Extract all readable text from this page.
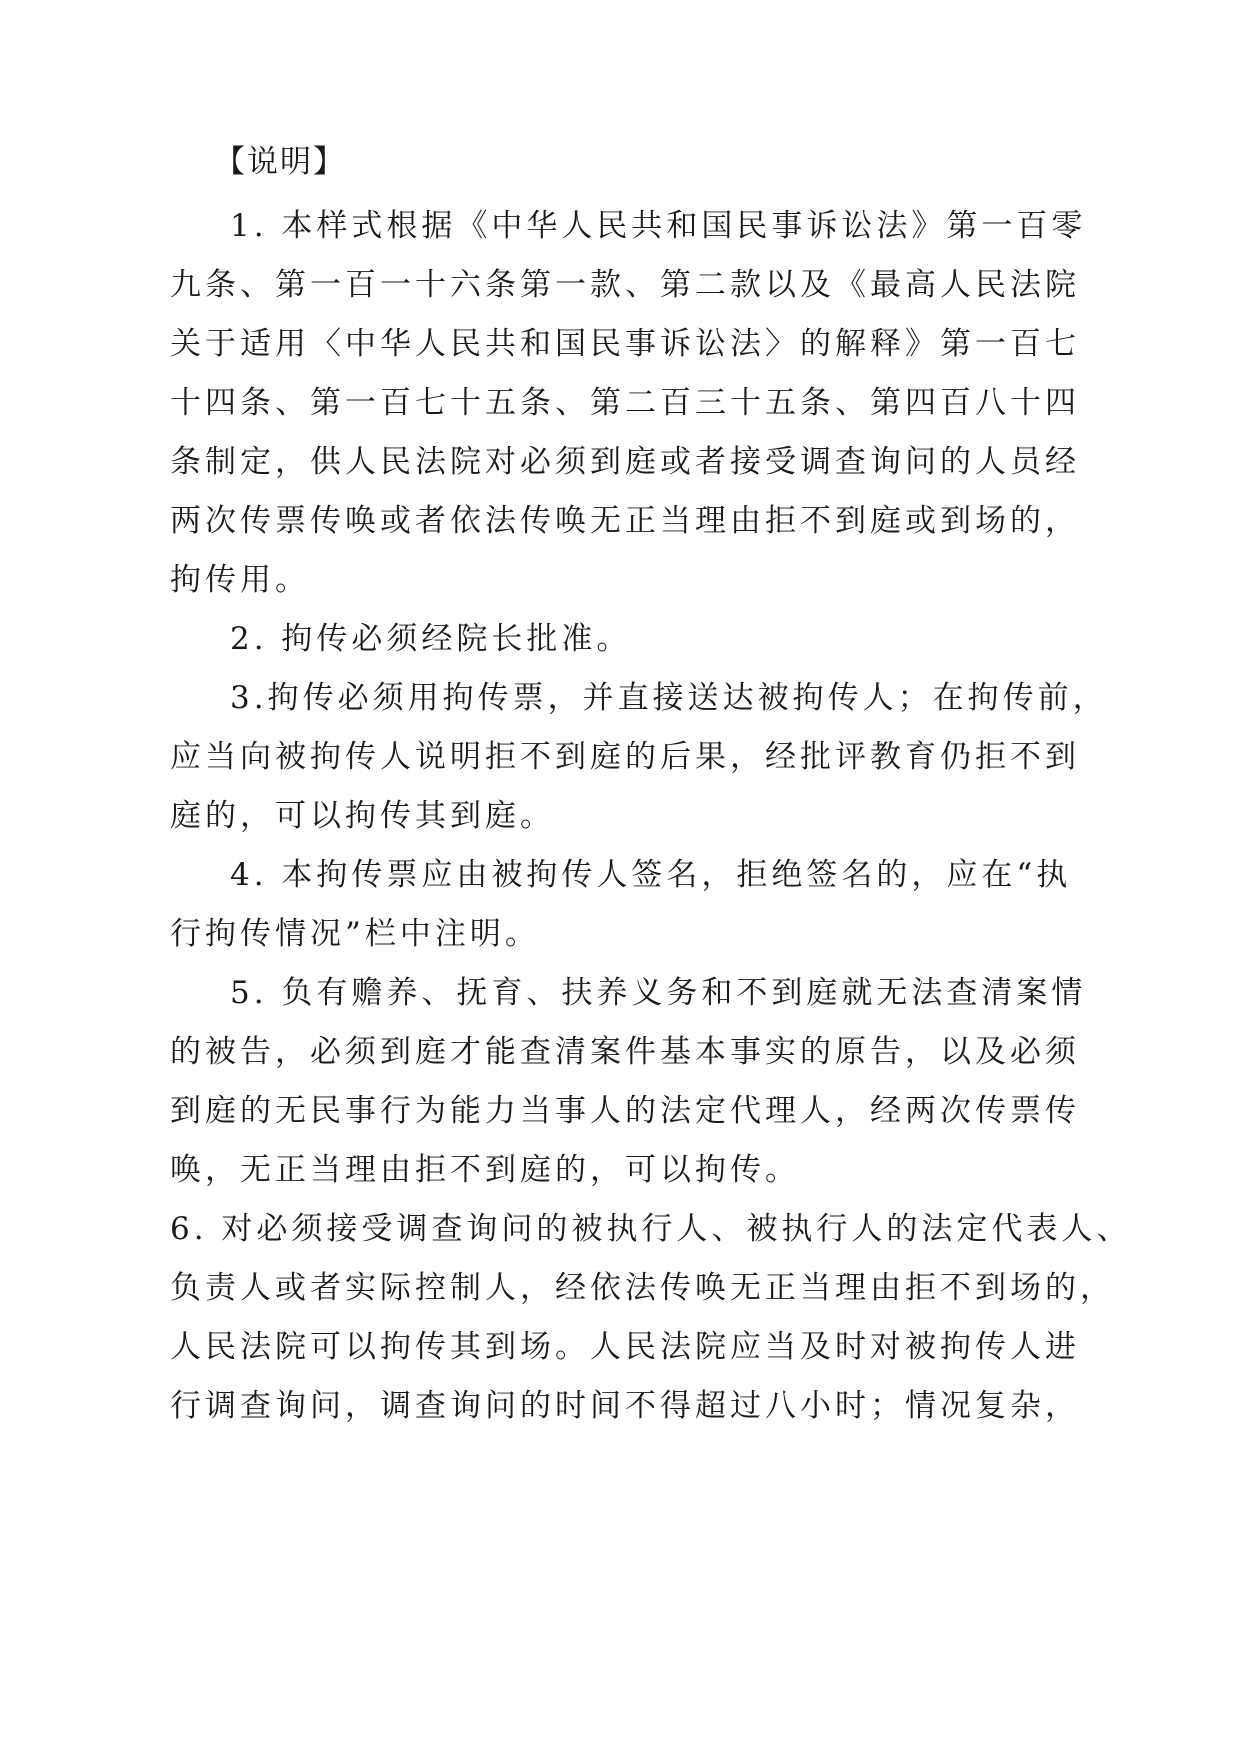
【说明】

1. 本样式根据《中华人民共和国民事诉讼法》第一百零

九条、第一百一十六条第一款、第二款以及《最高人民法院

关于适用〈中华人民共和国民事诉讼法〉的解释》第一百七

十四条、第一百七十五条、第二百三十五条、第四百八十四

条制定，供人民法院对必须到庭或者接受调查询问的人员经

两次传票传唤或者依法传唤无正当理由拒不到庭或到场的，

拘传用。

2. 拘传必须经院长批准。

3.拘传必须用拘传票，并直接送达被拘传人；在拘传前，

应当向被拘传人说明拒不到庭的后果，经批评教育仍拒不到

庭的，可以拘传其到庭。

4. 本拘传票应由被拘传人签名，拒绝签名的，应在“执

行拘传情况”栏中注明。

5. 负有赡养、抚育、扶养义务和不到庭就无法查清案情

的被告，必须到庭才能查清案件基本事实的原告，以及必须

到庭的无民事行为能力当事人的法定代理人，经两次传票传

唤，无正当理由拒不到庭的，可以拘传。

6. 对必须接受调查询问的被执行人、被执行人的法定代表人、

负责人或者实际控制人，经依法传唤无正当理由拒不到场的，

人民法院可以拘传其到场。人民法院应当及时对被拘传人进

行调查询问，调查询问的时间不得超过八小时；情况复杂，
